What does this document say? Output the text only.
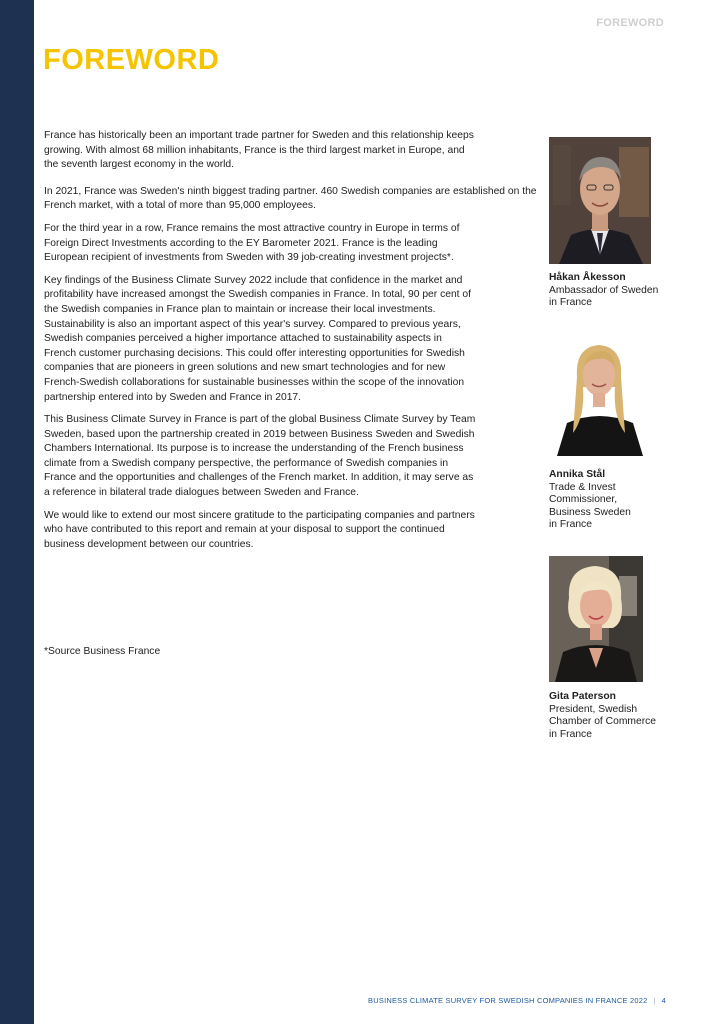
FOREWORD
FOREWORD

France has historically been an important trade partner for Sweden and this relationship keeps growing. With almost 68 million inhabitants, France is the third largest market in Europe, and the seventh largest economy in the world.

In 2021, France was Sweden's ninth biggest trading partner. 460 Swedish companies are established on the French market, with a total of more than 95,000 employees.

For the third year in a row, France remains the most attractive country in Europe in terms of Foreign Direct Investments according to the EY Barometer 2021. France is the leading European recipient of investments from Sweden with 39 job-creating investment projects*.

Key findings of the Business Climate Survey 2022 include that confidence in the market and profitability have increased amongst the Swedish companies in France. In total, 90 per cent of the Swedish companies in France plan to maintain or increase their local investments. Sustainability is also an important aspect of this year's survey. Compared to previous years, Swedish companies perceived a higher importance attached to sustainability aspects in French customer purchasing decisions. This could offer interesting opportunities for Swedish companies that are pioneers in green solutions and new smart technologies and for new French-Swedish collaborations for sustainable businesses within the scope of the innovation partnership entered into by Sweden and France in 2017.

This Business Climate Survey in France is part of the global Business Climate Survey by Team Sweden, based upon the partnership created in 2019 between Business Sweden and Swedish Chambers International. Its purpose is to increase the understanding of the French business climate from a Swedish company perspective, the performance of Swedish companies in France and the opportunities and challenges of the French market. In addition, it may serve as a reference in bilateral trade dialogues between Sweden and France.

We would like to extend our most sincere gratitude to the participating companies and partners who have contributed to this report and remain at your disposal to support the continued business development between our countries.

*Source Business France
Håkan Åkesson
Ambassador of Sweden
in France
Annika Stål
Trade & Invest
Commissioner,
Business Sweden
in France
Gita Paterson
President, Swedish
Chamber of Commerce
in France
BUSINESS CLIMATE SURVEY FOR SWEDISH COMPANIES IN FRANCE 2022 | 4
